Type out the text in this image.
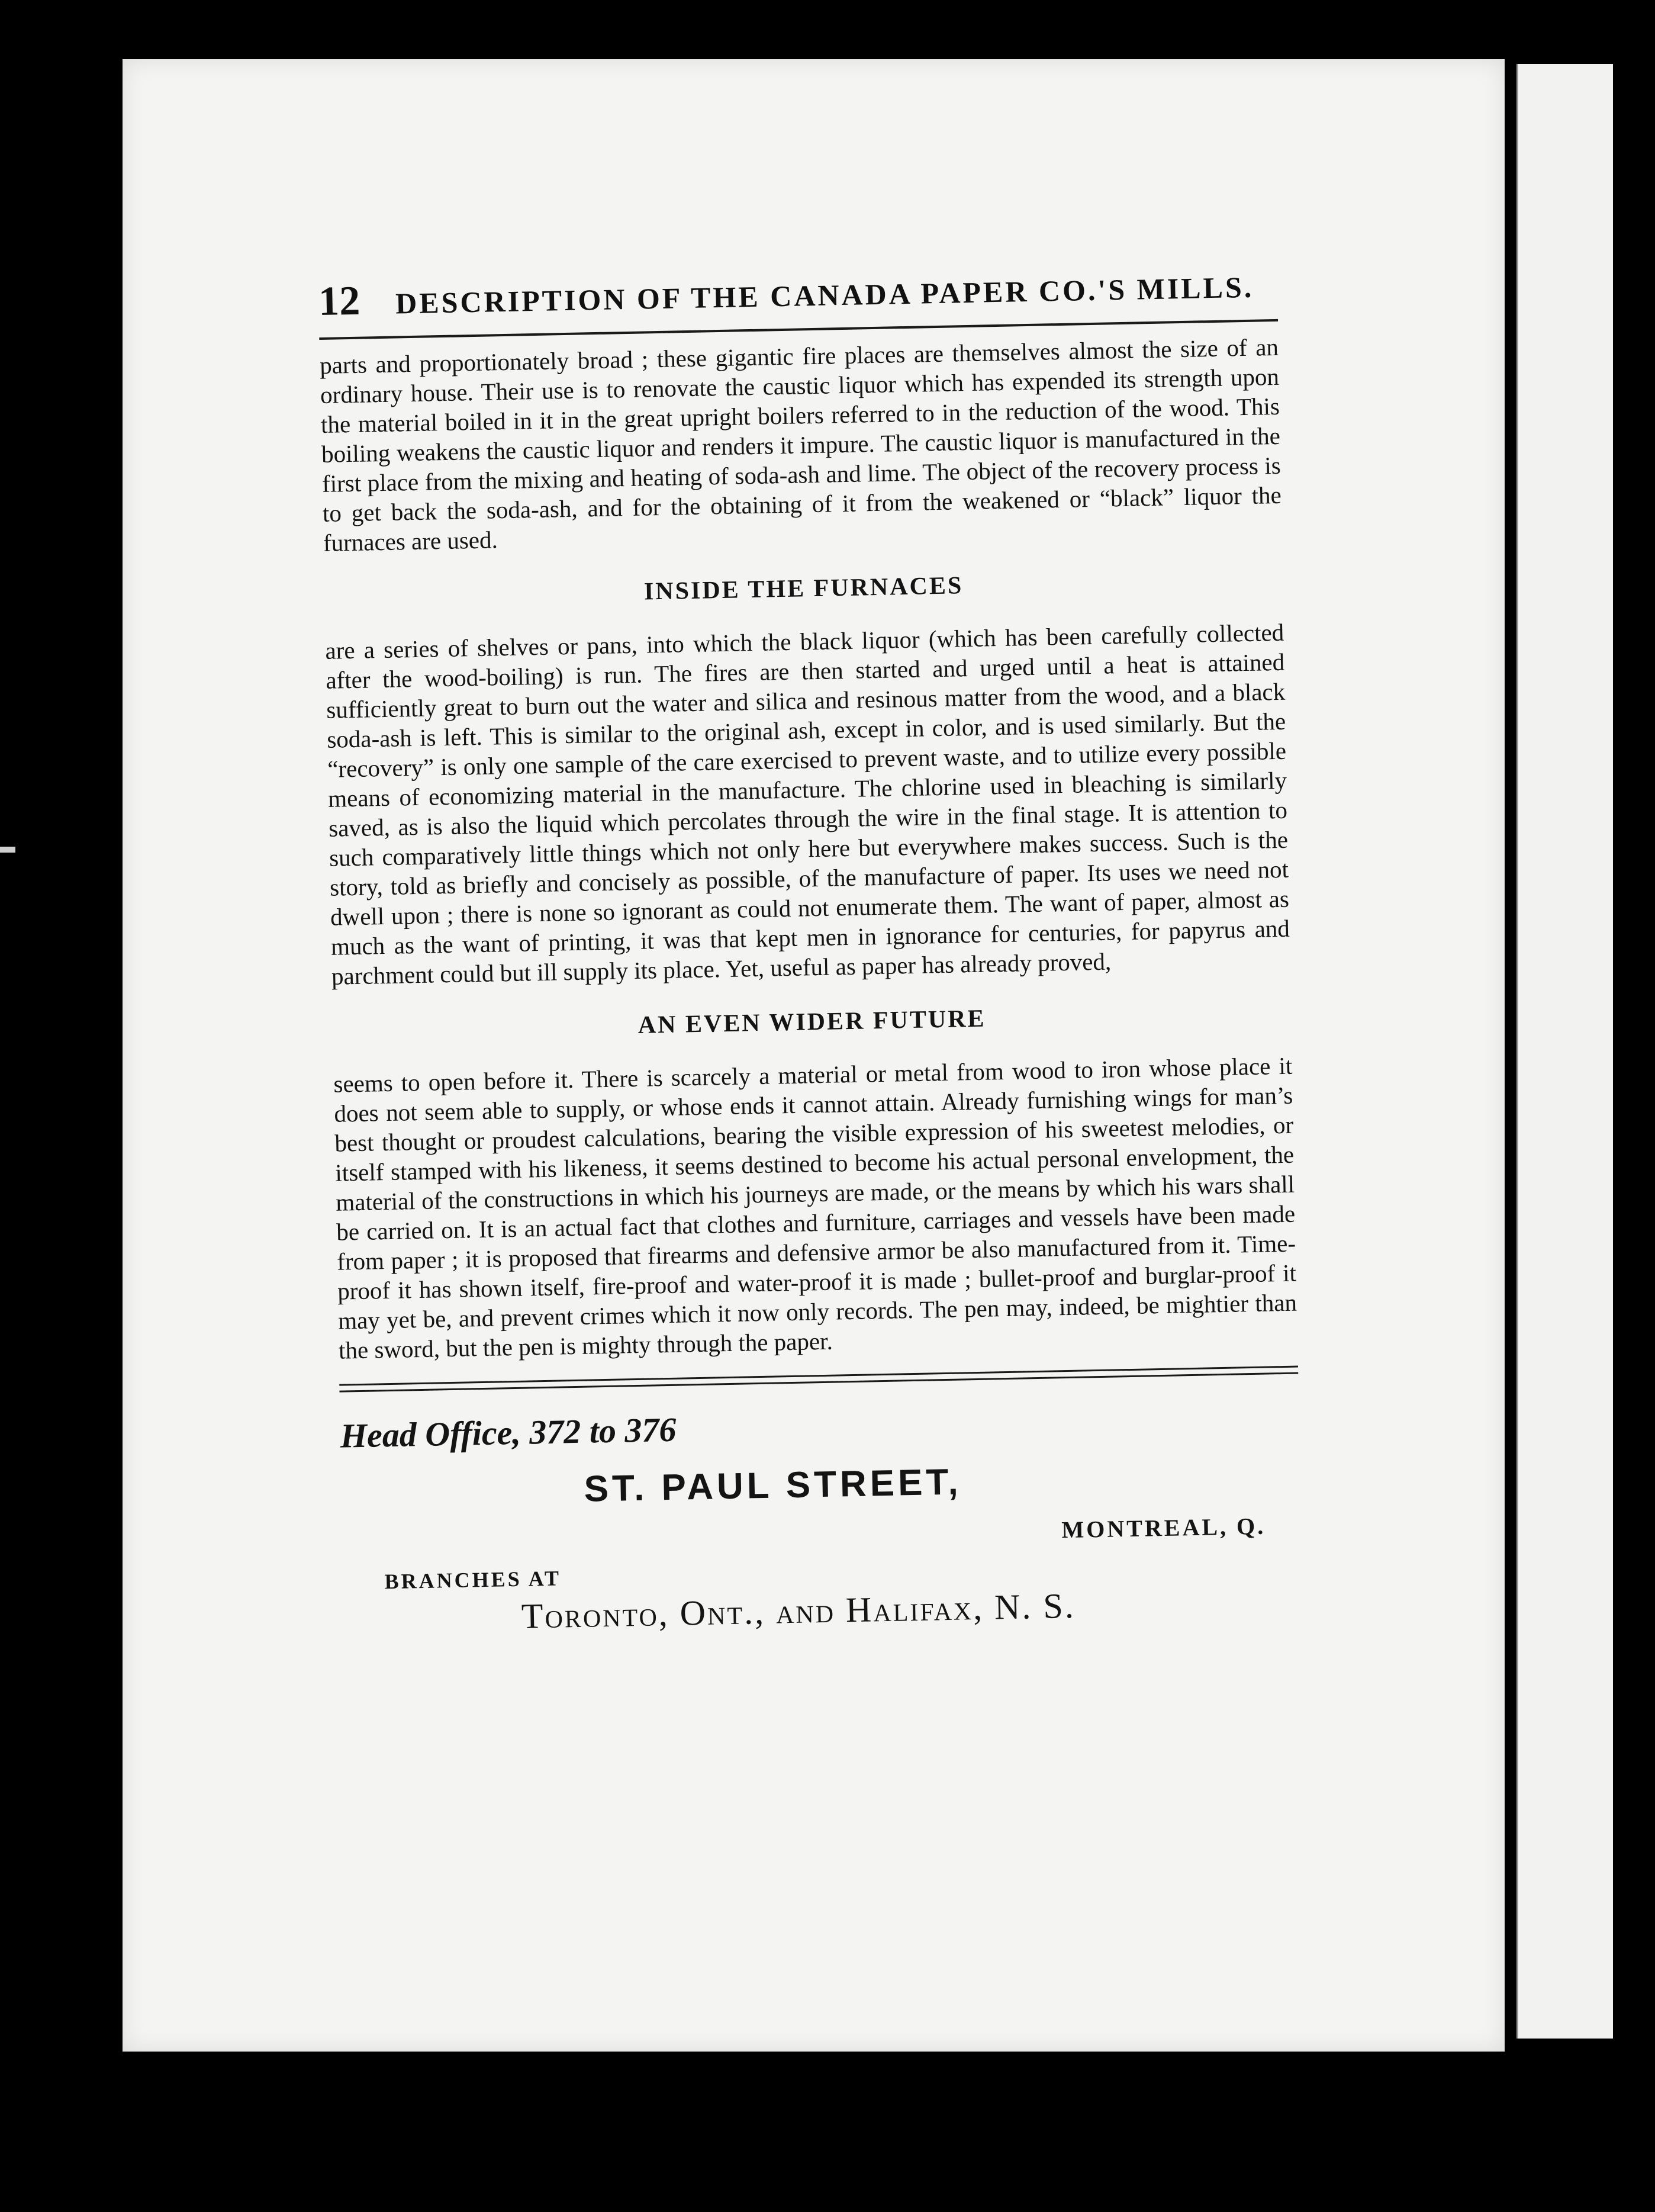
12 DESCRIPTION OF THE CANADA PAPER CO.'S MILLS.

parts and proportionately broad ; these gigantic fire places are themselves almost the size of an ordinary house. Their use is to renovate the caustic liquor which has expended its strength upon the material boiled in it in the great upright boilers referred to in the reduction of the wood. This boiling weakens the caustic liquor and renders it impure. The caustic liquor is manufactured in the first place from the mixing and heating of soda-ash and lime. The object of the recovery process is to get back the soda-ash, and for the obtaining of it from the weakened or “black” liquor the furnaces are used.

INSIDE THE FURNACES

are a series of shelves or pans, into which the black liquor (which has been carefully collected after the wood-boiling) is run. The fires are then started and urged until a heat is attained sufficiently great to burn out the water and silica and resinous matter from the wood, and a black soda-ash is left. This is similar to the original ash, except in color, and is used similarly. But the “recovery” is only one sample of the care exercised to prevent waste, and to utilize every possible means of economizing material in the manufacture. The chlorine used in bleaching is similarly saved, as is also the liquid which percolates through the wire in the final stage. It is attention to such comparatively little things which not only here but everywhere makes success. Such is the story, told as briefly and concisely as possible, of the manufacture of paper. Its uses we need not dwell upon ; there is none so ignorant as could not enumerate them. The want of paper, almost as much as the want of printing, it was that kept men in ignorance for centuries, for papyrus and parchment could but ill supply its place. Yet, useful as paper has already proved,

AN EVEN WIDER FUTURE

seems to open before it. There is scarcely a material or metal from wood to iron whose place it does not seem able to supply, or whose ends it cannot attain. Already furnishing wings for man’s best thought or proudest calculations, bearing the visible expression of his sweetest melodies, or itself stamped with his likeness, it seems destined to become his actual personal envelopment, the material of the constructions in which his journeys are made, or the means by which his wars shall be carried on. It is an actual fact that clothes and furniture, carriages and vessels have been made from paper ; it is proposed that firearms and defensive armor be also manufactured from it. Time-proof it has shown itself, fire-proof and water-proof it is made ; bullet-proof and burglar-proof it may yet be, and prevent crimes which it now only records. The pen may, indeed, be mightier than the sword, but the pen is mighty through the paper.

Head Office, 372 to 376
ST. PAUL STREET,
MONTREAL, Q.
BRANCHES AT
Toronto, Ont., and Halifax, N. S.
